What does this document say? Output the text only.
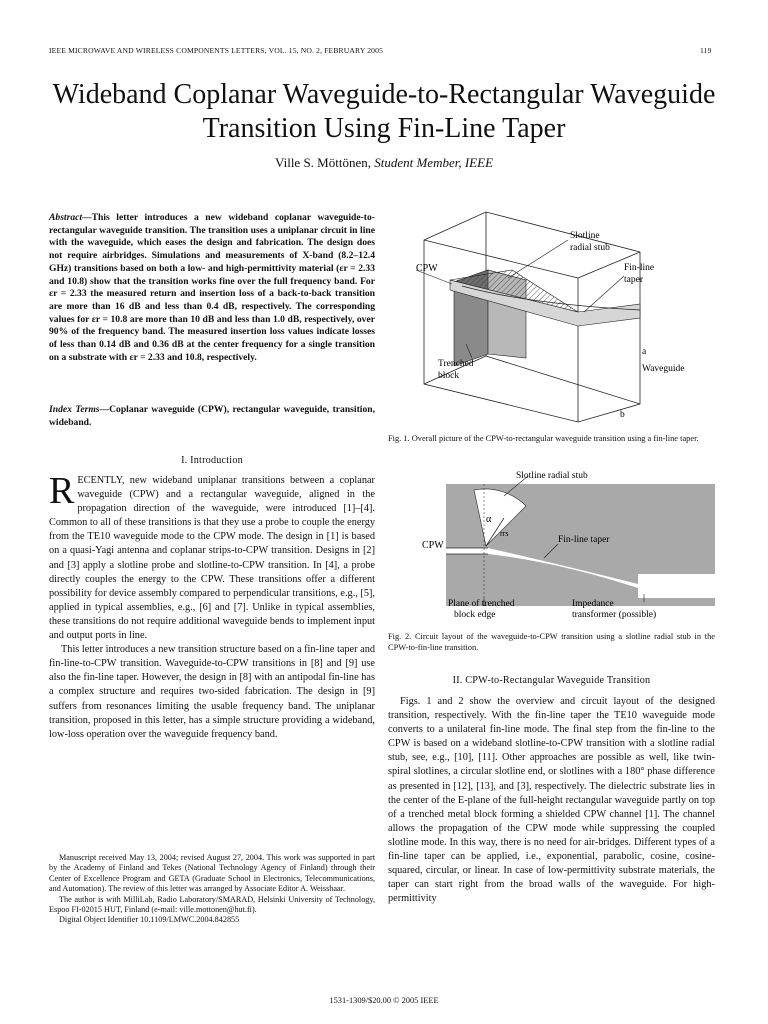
IEEE MICROWAVE AND WIRELESS COMPONENTS LETTERS, VOL. 15, NO. 2, FEBRUARY 2005	119
Wideband Coplanar Waveguide-to-Rectangular Waveguide Transition Using Fin-Line Taper
Ville S. Möttönen, Student Member, IEEE

Abstract—This letter introduces a new wideband coplanar waveguide-to-rectangular waveguide transition. The transition uses a uniplanar circuit in line with the waveguide, which eases the design and fabrication. The design does not require airbridges. Simulations and measurements of X-band (8.2–12.4 GHz) transitions based on both a low- and high-permittivity material (εr = 2.33 and 10.8) show that the transition works fine over the full frequency band. For εr = 2.33 the measured return and insertion loss of a back-to-back transition are more than 16 dB and less than 0.4 dB, respectively. The corresponding values for εr = 10.8 are more than 10 dB and less than 1.0 dB, respectively, over 90% of the frequency band. The measured insertion loss values indicate losses of less than 0.14 dB and 0.36 dB at the center frequency for a single transition on a substrate with εr = 2.33 and 10.8, respectively.

Index Terms—Coplanar waveguide (CPW), rectangular waveguide, transition, wideband.
I. Introduction

RECENTLY, new wideband uniplanar transitions between a coplanar waveguide (CPW) and a rectangular waveguide, aligned in the propagation direction of the waveguide, were introduced [1]–[4]. Common to all of these transitions is that they use a probe to couple the energy from the TE10 waveguide mode to the CPW mode. The design in [1] is based on a quasi-Yagi antenna and coplanar strips-to-CPW transition. Designs in [2] and [3] apply a slotline probe and slotline-to-CPW transition. In [4], a probe directly couples the energy to the CPW. These transitions offer a different possibility for device assembly compared to perpendicular transitions, e.g., [5], applied in typical assemblies, e.g., [6] and [7]. Unlike in typical assemblies, these transitions do not require additional waveguide bends to implement input and output ports in line.

This letter introduces a new transition structure based on a fin-line taper and fin-line-to-CPW transition. Waveguide-to-CPW transitions in [8] and [9] use also the fin-line taper. However, the design in [8] with an antipodal fin-line has a complex structure and requires two-sided fabrication. The design in [9] suffers from resonances limiting the usable frequency band. The uniplanar transition, proposed in this letter, has a simple structure providing a wideband, low-loss operation over the waveguide frequency band.

Manuscript received May 13, 2004; revised August 27, 2004. This work was supported in part by the Academy of Finland and Tekes (National Technology Agency of Finland) through their Center of Excellence Program and GETA (Graduate School in Electronics, Telecommunications, and Automation). The review of this letter was arranged by Associate Editor A. Weisshaar.

The author is with MilliLab, Radio Laboratory/SMARAD, Helsinki University of Technology, Espoo FI-02015 HUT, Finland (e-mail: ville.mottonen@hut.fi).

Digital Object Identifier 10.1109/LMWC.2004.842855

CPW
Slotline
radial stub
Fin-line
taper
Trenched
block
a
Waveguide
b
Fig. 1. Overall picture of the CPW-to-rectangular waveguide transition using a fin-line taper.
Slotline radial stub
α
rrs
CPW	Fin-line taper
Plane of trenched
block edge
Impedance
transformer (possible)
Fig. 2. Circuit layout of the waveguide-to-CPW transition using a slotline radial stub in the CPW-to-fin-line transition.
II. CPW-to-Rectangular Waveguide Transition

Figs. 1 and 2 show the overview and circuit layout of the designed transition, respectively. With the fin-line taper the TE10 waveguide mode converts to a unilateral fin-line mode. The final step from the fin-line to the CPW is based on a wideband slotline-to-CPW transition with a slotline radial stub, see, e.g., [10], [11]. Other approaches are possible as well, like twin-spiral slotlines, a circular slotline end, or slotlines with a 180° phase difference as presented in [12], [13], and [3], respectively. The dielectric substrate lies in the center of the E-plane of the full-height rectangular waveguide partly on top of a trenched metal block forming a shielded CPW channel [1]. The channel allows the propagation of the CPW mode while suppressing the coupled slotline mode. In this way, there is no need for air-bridges. Different types of a fin-line taper can be applied, i.e., exponential, parabolic, cosine, cosine-squared, circular, or linear. In case of low-permittivity substrate materials, the taper can start right from the broad walls of the waveguide. For high-permittivity

1531-1309/$20.00 © 2005 IEEE
